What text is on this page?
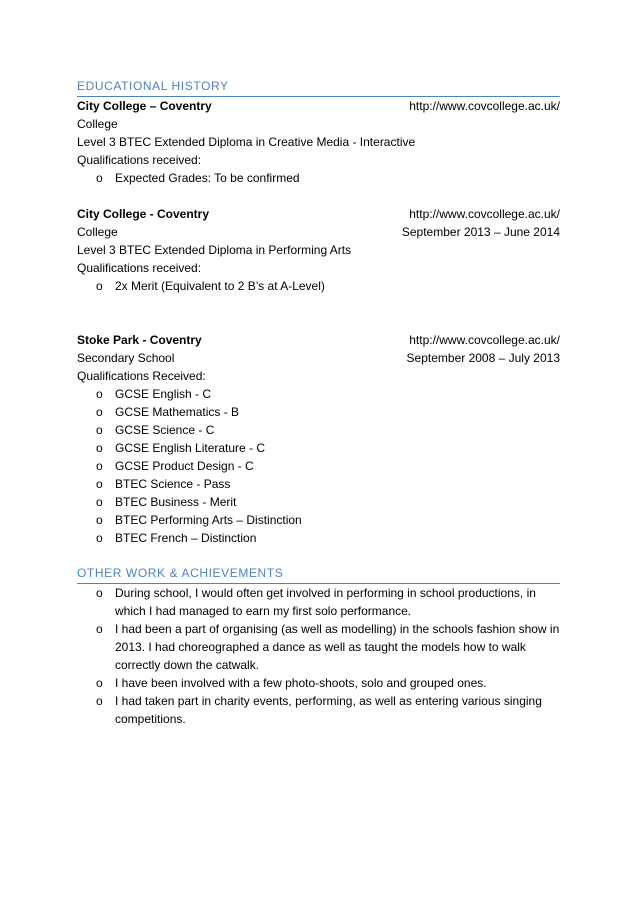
EDUCATIONAL HISTORY
City College – Coventry	http://www.covcollege.ac.uk/
College
Level 3 BTEC Extended Diploma in Creative Media - Interactive
Qualifications received:
o Expected Grades: To be confirmed
City College - Coventry	http://www.covcollege.ac.uk/
College	September 2013 – June 2014
Level 3 BTEC Extended Diploma in Performing Arts
Qualifications received:
o 2x Merit (Equivalent to 2 B’s at A-Level)
Stoke Park - Coventry	http://www.covcollege.ac.uk/
Secondary School	September 2008 – July 2013
Qualifications Received:
o GCSE English - C
o GCSE Mathematics - B
o GCSE Science - C
o GCSE English Literature - C
o GCSE Product Design - C
o BTEC Science - Pass
o BTEC Business - Merit
o BTEC Performing Arts – Distinction
o BTEC French – Distinction
OTHER WORK & ACHIEVEMENTS
o During school, I would often get involved in performing in school productions, in
which I had managed to earn my first solo performance.
o I had been a part of organising (as well as modelling) in the schools fashion show in
2013. I had choreographed a dance as well as taught the models how to walk
correctly down the catwalk.
o I have been involved with a few photo-shoots, solo and grouped ones.
o I had taken part in charity events, performing, as well as entering various singing
competitions.
